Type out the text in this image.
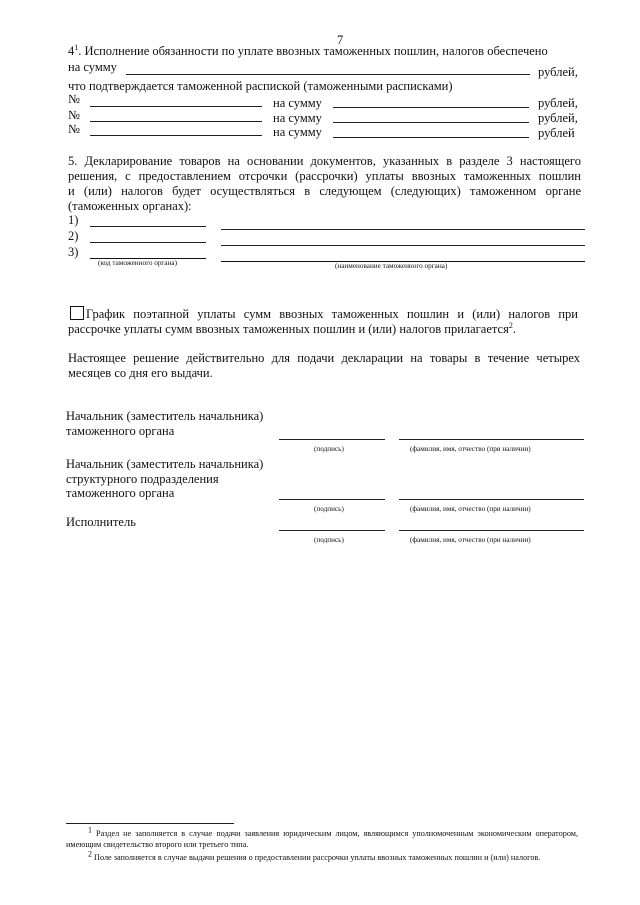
7
$4^1$. Исполнение обязанности по уплате ввозных таможенных пошлин, налогов обеспечено
на сумму	рублей,
что подтверждается таможенной распиской (таможенными расписками)
№	на сумму	рублей,
№	на сумму	рублей,
№	на сумму	рублей
5. Декларирование товаров на основании документов, указанных в разделе 3 настоящего
решения, с предоставлением отсрочки (рассрочки) уплаты ввозных таможенных пошлин
и (или) налогов будет осуществляться в следующем (следующих) таможенном органе
(таможенных органах):
1)
2)
3)
(код таможенного органа)	(наименование таможенного органа)
График поэтапной уплаты сумм ввозных таможенных пошлин и (или) налогов при
рассрочке уплаты сумм ввозных таможенных пошлин и (или) налогов прилагается$^2$.
Настоящее решение действительно для подачи декларации на товары в течение четырех
месяцев со дня его выдачи.
Начальник (заместитель начальника)
таможенного органа
(подпись)	(фамилия, имя, отчество (при наличии)
Начальник (заместитель начальника)
структурного подразделения
таможенного органа
(подпись)	(фамилия, имя, отчество (при наличии)
Исполнитель
(подпись)	(фамилия, имя, отчество (при наличии)
$^1$ Раздел не заполняется в случае подачи заявления юридическим лицом, являющимся уполномоченным экономическим оператором, имеющим свидетельство второго или третьего типа.
$^2$ Поле заполняется в случае выдачи решения о предоставлении рассрочки уплаты ввозных таможенных пошлин и (или) налогов.
